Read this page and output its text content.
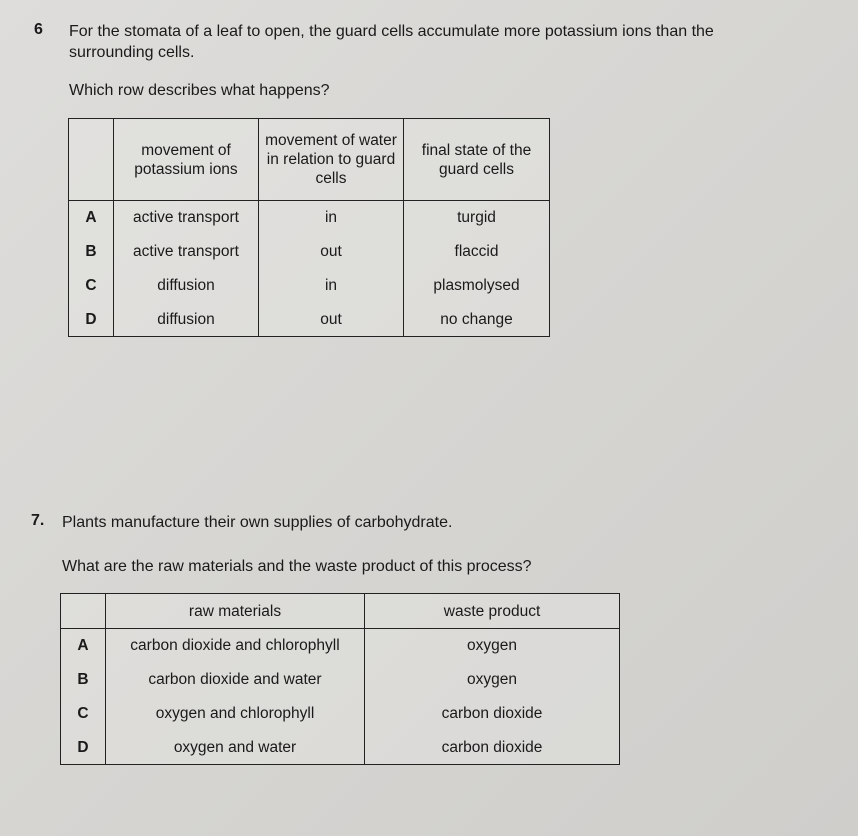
6 For the stomata of a leaf to open, the guard cells accumulate more potassium ions than the
surrounding cells.
Which row describes what happens?
	movement of potassium ions	movement of water in relation to guard cells	final state of the guard cells
A	active transport	in	turgid
B	active transport	out	flaccid
C	diffusion	in	plasmolysed
D	diffusion	out	no change
7. Plants manufacture their own supplies of carbohydrate.
What are the raw materials and the waste product of this process?
	raw materials	waste product
A	carbon dioxide and chlorophyll	oxygen
B	carbon dioxide and water	oxygen
C	oxygen and chlorophyll	carbon dioxide
D	oxygen and water	carbon dioxide
